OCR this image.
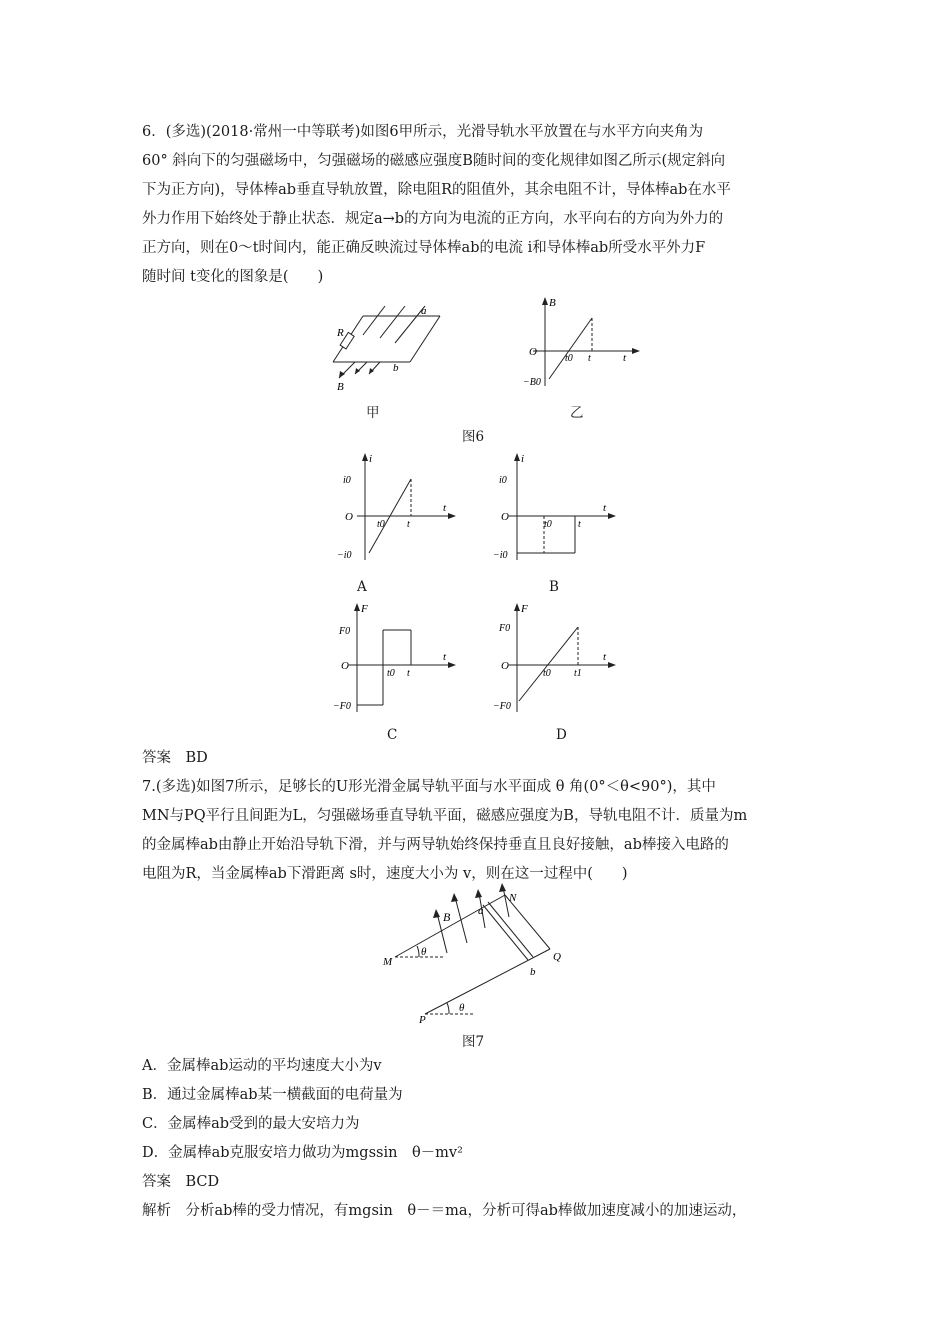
6．(多选)(2018·常州一中等联考)如图6甲所示，光滑导轨水平放置在与水平方向夹角为
60° 斜向下的匀强磁场中，匀强磁场的磁感应强度B随时间的变化规律如图乙所示(规定斜向
下为正方向)，导体棒ab垂直导轨放置，除电阻R的阻值外，其余电阻不计，导体棒ab在水平
外力作用下始终处于静止状态．规定a→b的方向为电流的正方向，水平向右的方向为外力的
正方向，则在0～t时间内，能正确反映流过导体棒ab的电流 i和导体棒ab所受水平外力F
随时间 t变化的图象是(　　)
R
a
b
B
甲
B
O
t0 t	t
−B0
乙
图6
i
i0
O
−i0
t0 t
t
A
i
i0
O
−i0
t0	t
t
B
F
F0
O
−F0
t0 t
t
C
F
F0
O
−F0
t0 t1
t
D
答案　BD
7.(多选)如图7所示，足够长的U形光滑金属导轨平面与水平面成 θ 角(0°＜θ<90°)，其中
MN与PQ平行且间距为L，匀强磁场垂直导轨平面，磁感应强度为B，导轨电阻不计．质量为m
的金属棒ab由静止开始沿导轨下滑，并与两导轨始终保持垂直且良好接触，ab棒接入电路的
电阻为R，当金属棒ab下滑距离 s时，速度大小为 v，则在这一过程中(　　)
B	a
N
M
θ	Q
b
P
θ
图7
A．金属棒ab运动的平均速度大小为v
B．通过金属棒ab某一横截面的电荷量为
C．金属棒ab受到的最大安培力为
D．金属棒ab克服安培力做功为mgssin　θ－mv²
答案　BCD
解析　分析ab棒的受力情况，有mgsin　θ－＝ma，分析可得ab棒做加速度减小的加速运动，
